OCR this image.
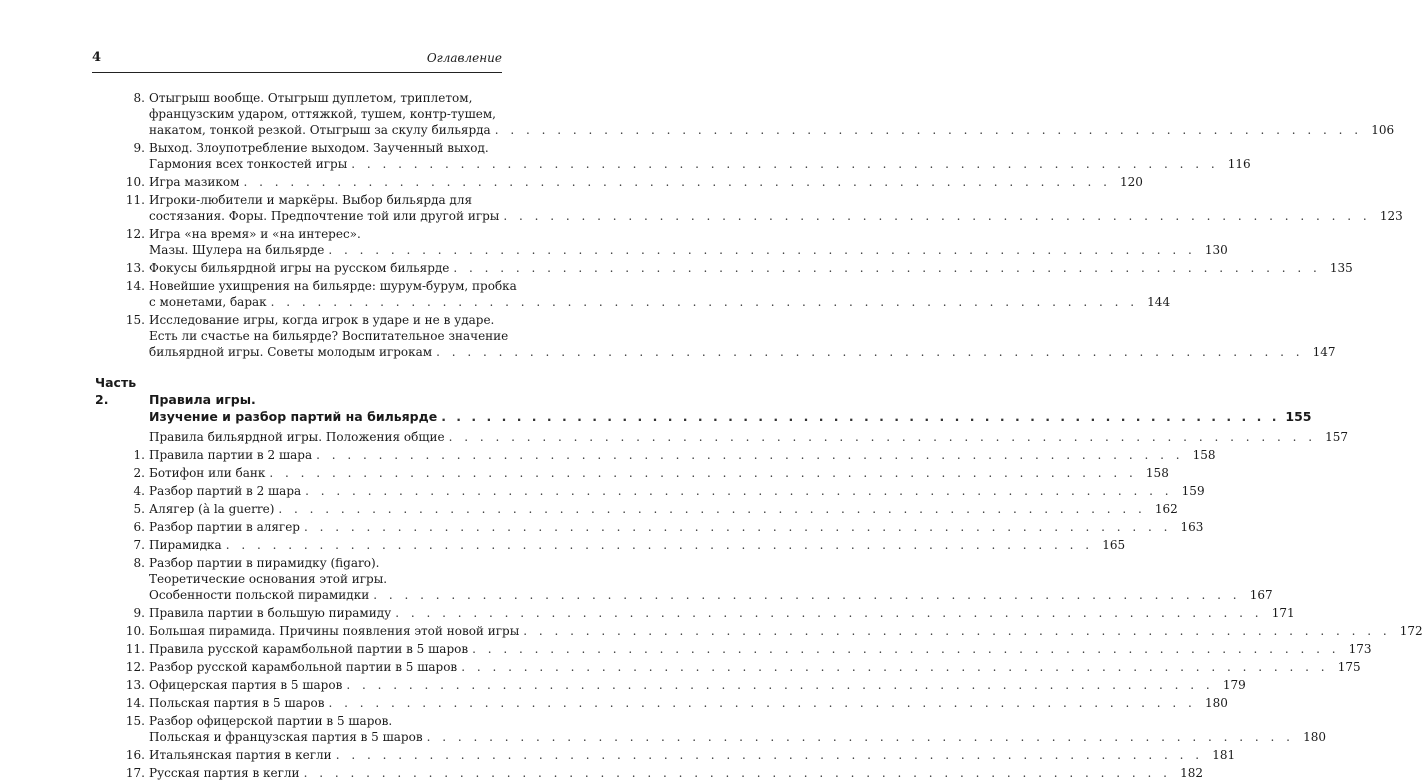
4	Оглавление
8. Отыгрыш вообще. Отыгрыш дуплетом, триплетом,
французским ударом, оттяжкой, тушем, контр-тушем,
накатом, тонкой резкой. Отыгрыш за скулу бильярда . . .	106
9. Выход. Злоупотребление выходом. Заученный выход.
Гармония всех тонкостей игры . . .	116
10. Игра мазиком . . .	120
11. Игроки-любители и маркёры. Выбор бильярда для
состязания. Форы. Предпочтение той или другой игры . . .	123
12. Игра «на время» и «на интерес».
Мазы. Шулера на бильярде . . .	130
13. Фокусы бильярдной игры на русском бильярде . . .	135
14. Новейшие ухищрения на бильярде: шурум-бурум, пробка
с монетами, барак . . .	144
15. Исследование игры, когда игрок в ударе и не в ударе.
Есть ли счастье на бильярде? Воспитательное значение
бильярдной игры. Советы молодым игрокам . . .	147
Часть 2.	Правила игры.
Изучение и разбор партий на бильярде . . .	155
Правила бильярдной игры. Положения общие . . .	157
1. Правила партии в 2 шара . . .	158
2. Ботифон или банк . . .	158
4. Разбор партий в 2 шара . . .	159
5. Алягер (à la guerre) . . .	162
6. Разбор партии в алягер . . .	163
7. Пирамидка . . .	165
8. Разбор партии в пирамидку (figaro).
Теоретические основания этой игры.
Особенности польской пирамидки . . .	167
9. Правила партии в большую пирамиду . . .	171
10. Большая пирамида. Причины появления этой новой игры . . .	172
11. Правила русской карамбольной партии в 5 шаров . . .	173
12. Разбор русской карамбольной партии в 5 шаров . . .	175
13. Офицерская партия в 5 шаров . . .	179
14. Польская партия в 5 шаров . . .	180
15. Разбор офицерской партии в 5 шаров.
Польская и французская партия в 5 шаров . . .	180
16. Итальянская партия в кегли . . .	181
17. Русская партия в кегли . . .	182
